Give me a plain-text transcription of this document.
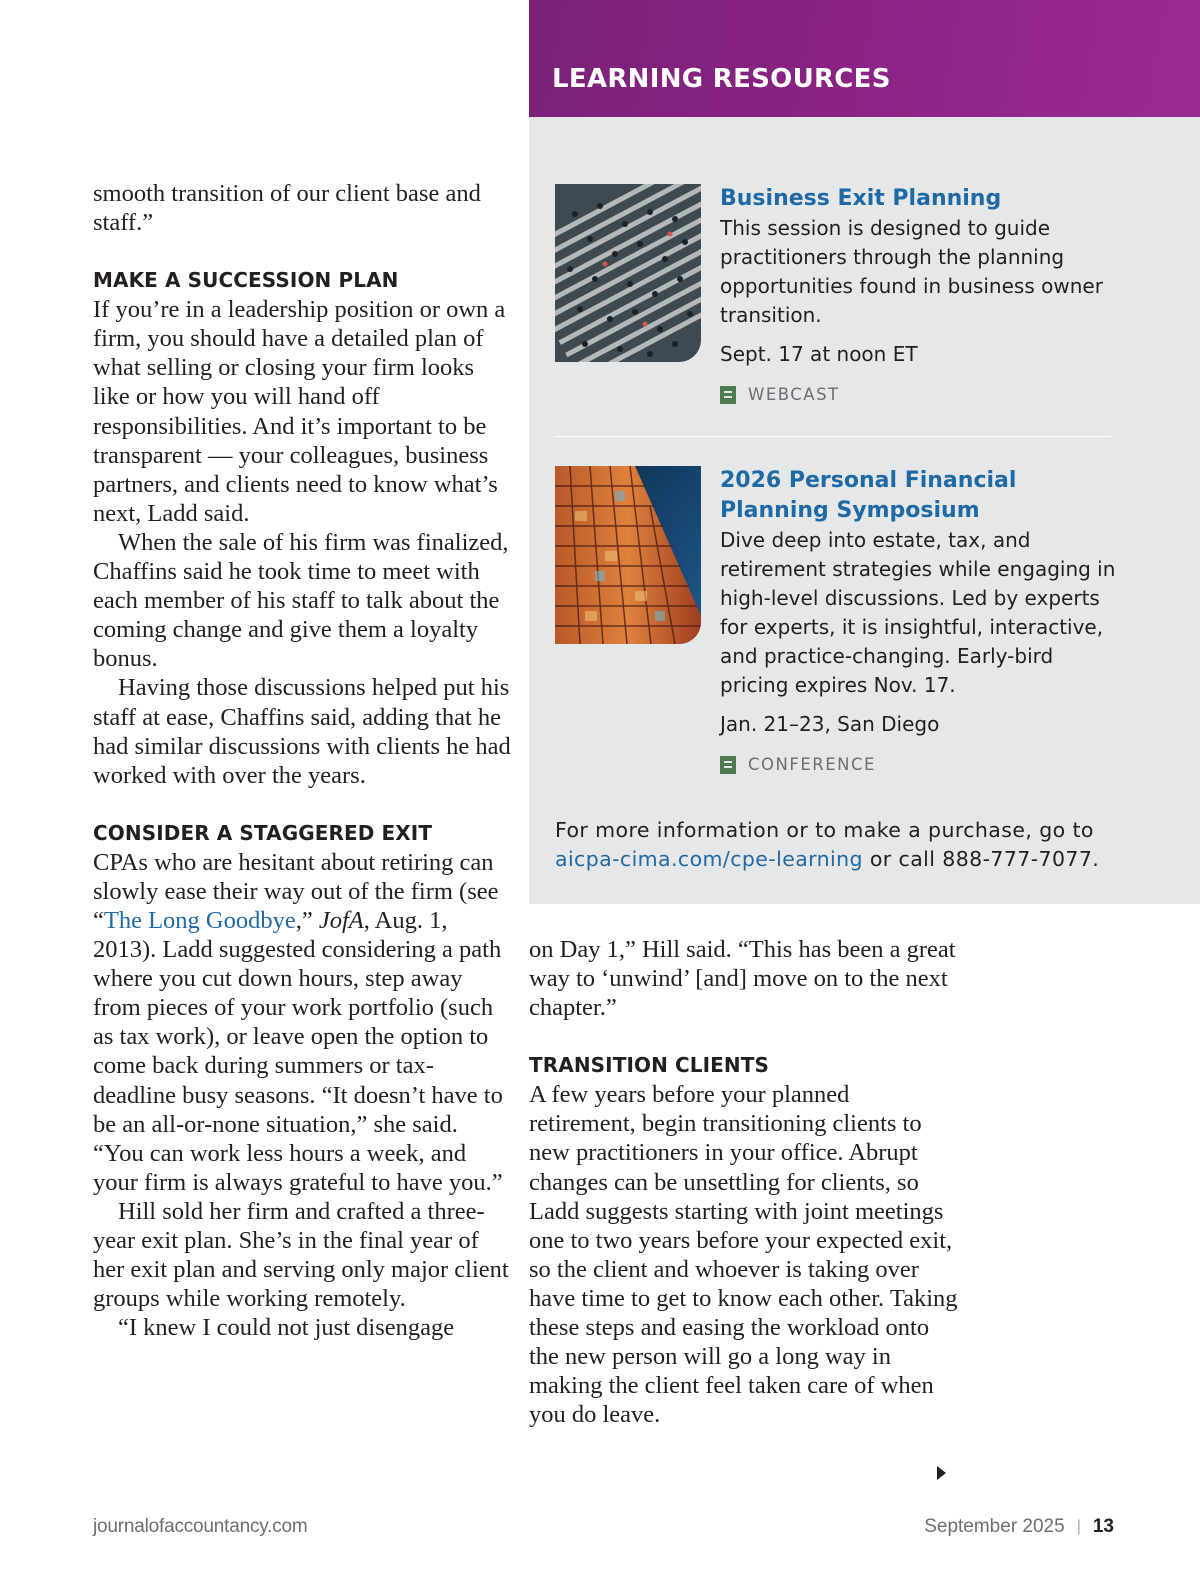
smooth transition of our client base and staff.”

MAKE A SUCCESSION PLAN

If you’re in a leadership position or own a firm, you should have a detailed plan of what selling or closing your firm looks like or how you will hand off responsibilities. And it’s important to be transparent — your colleagues, business partners, and clients need to know what’s next, Ladd said.

When the sale of his firm was finalized, Chaffins said he took time to meet with each member of his staff to talk about the coming change and give them a loyalty bonus.

Having those discussions helped put his staff at ease, Chaffins said, adding that he had similar discussions with clients he had worked with over the years.

CONSIDER A STAGGERED EXIT

CPAs who are hesitant about retiring can slowly ease their way out of the firm (see “The Long Goodbye,” JofA, Aug. 1, 2013). Ladd suggested considering a path where you cut down hours, step away from pieces of your work portfolio (such as tax work), or leave open the option to come back during summers or tax-deadline busy seasons. “It doesn’t have to be an all-or-none situation,” she said. “You can work less hours a week, and your firm is always grateful to have you.”

Hill sold her firm and crafted a three-year exit plan. She’s in the final year of her exit plan and serving only major client groups while working remotely.

“I knew I could not just disengage

LEARNING RESOURCES

Business Exit Planning

This session is designed to guide practitioners through the planning opportunities found in business owner transition.

Sept. 17 at noon ET

WEBCAST

2026 Personal Financial Planning Symposium

Dive deep into estate, tax, and retirement strategies while engaging in high-level discussions. Led by experts for experts, it is insightful, interactive, and practice-changing. Early-bird pricing expires Nov. 17.

Jan. 21–23, San Diego

CONFERENCE

For more information or to make a purchase, go to

aicpa-cima.com/cpe-learning or call 888-777-7077.

on Day 1,” Hill said. “This has been a great way to ‘unwind’ [and] move on to the next chapter.”

TRANSITION CLIENTS

A few years before your planned retirement, begin transitioning clients to new practitioners in your office. Abrupt changes can be unsettling for clients, so Ladd suggests starting with joint meetings one to two years before your expected exit, so the client and whoever is taking over have time to get to know each other. Taking these steps and easing the workload onto the new person will go a long way in making the client feel taken care of when you do leave.

journalofaccountancy.com	September 2025 | 13
